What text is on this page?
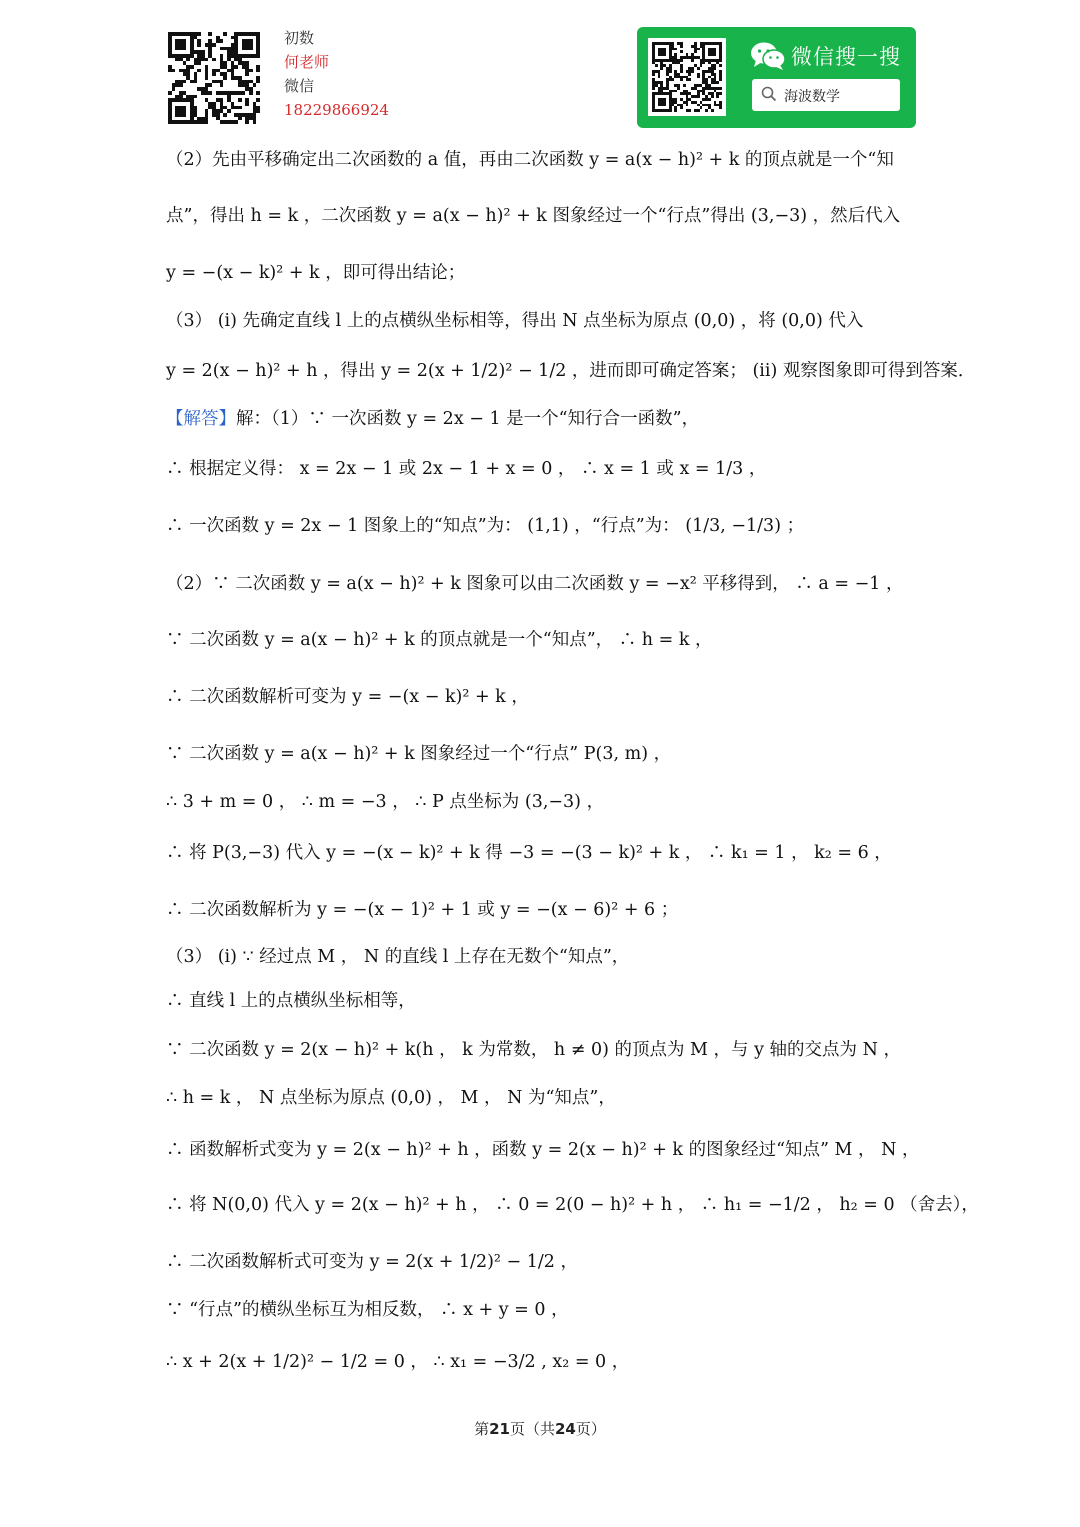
初数
何老师
微信
18229866924
微信搜一搜
海波数学
（2）先由平移确定出二次函数的 a 值，再由二次函数 y = a(x − h)² + k 的顶点就是一个“知
点”，得出 h = k ，二次函数 y = a(x − h)² + k 图象经过一个“行点”得出 (3,−3) ，然后代入
y = −(x − k)² + k ，即可得出结论；
（3） (i) 先确定直线 l 上的点横纵坐标相等，得出 N 点坐标为原点 (0,0) ，将 (0,0) 代入
y = 2(x − h)² + h ，得出 y = 2(x + 1/2)² − 1/2 ，进而即可确定答案； (ii) 观察图象即可得到答案．
【解答】解：（1）∵ 一次函数 y = 2x − 1 是一个“知行合一函数”，
∴ 根据定义得： x = 2x − 1 或 2x − 1 + x = 0 ， ∴ x = 1 或 x = 1/3 ，
∴ 一次函数 y = 2x − 1 图象上的“知点”为： (1,1) ，“行点”为： (1/3, −1/3) ；
（2）∵ 二次函数 y = a(x − h)² + k 图象可以由二次函数 y = −x² 平移得到， ∴ a = −1 ，
∵ 二次函数 y = a(x − h)² + k 的顶点就是一个“知点”， ∴ h = k ，
∴ 二次函数解析可变为 y = −(x − k)² + k ，
∵ 二次函数 y = a(x − h)² + k 图象经过一个“行点” P(3, m) ，
∴ 3 + m = 0 ， ∴ m = −3 ， ∴ P 点坐标为 (3,−3) ，
∴ 将 P(3,−3) 代入 y = −(x − k)² + k 得 −3 = −(3 − k)² + k ， ∴ k₁ = 1 ， k₂ = 6 ，
∴ 二次函数解析为 y = −(x − 1)² + 1 或 y = −(x − 6)² + 6 ；
（3） (i) ∵ 经过点 M ， N 的直线 l 上存在无数个“知点”，
∴ 直线 l 上的点横纵坐标相等，
∵ 二次函数 y = 2(x − h)² + k(h ， k 为常数， h ≠ 0) 的顶点为 M ，与 y 轴的交点为 N ，
∴ h = k ， N 点坐标为原点 (0,0) ， M ， N 为“知点”，
∴ 函数解析式变为 y = 2(x − h)² + h ，函数 y = 2(x − h)² + k 的图象经过“知点” M ， N ，
∴ 将 N(0,0) 代入 y = 2(x − h)² + h ， ∴ 0 = 2(0 − h)² + h ， ∴ h₁ = −1/2 ， h₂ = 0 （舍去），
∴ 二次函数解析式可变为 y = 2(x + 1/2)² − 1/2 ，
∵ “行点”的横纵坐标互为相反数， ∴ x + y = 0 ，
∴ x + 2(x + 1/2)² − 1/2 = 0 ， ∴ x₁ = −3/2 , x₂ = 0 ，
第21页（共24页）
